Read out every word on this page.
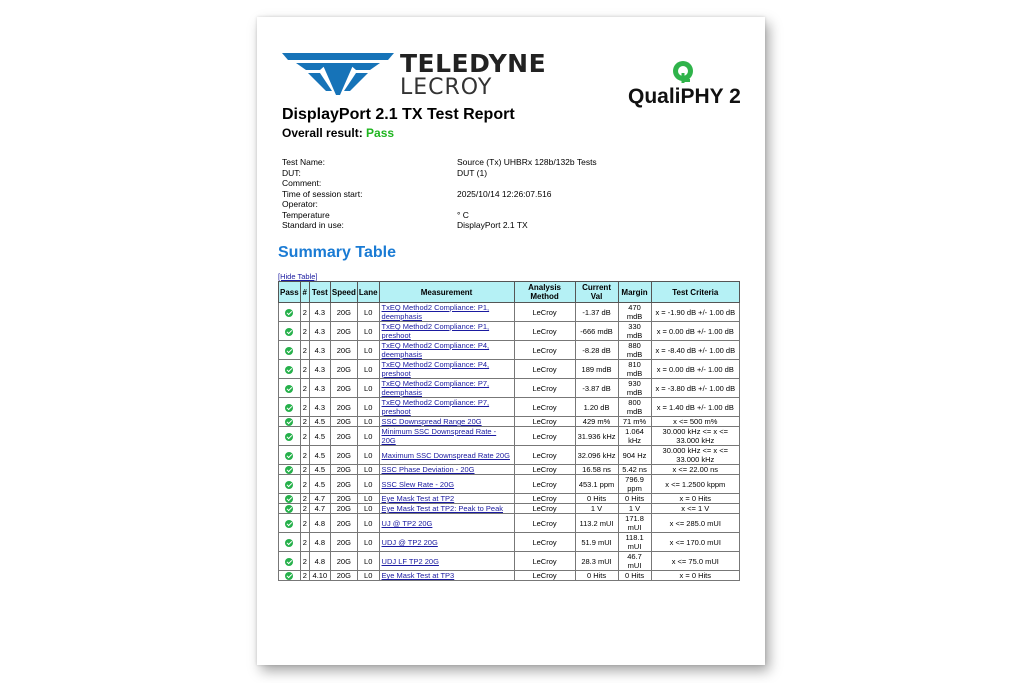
TELEDYNE
LECROY	QualiPHY 2
DisplayPort 2.1 TX Test Report
Overall result: Pass
Test Name:	Source (Tx) UHBRx 128b/132b Tests
DUT:	DUT (1)
Comment:
Time of session start:	2025/10/14 12:26:07.516
Operator:
Temperature	° C
Standard in use:	DisplayPort 2.1 TX
Summary Table
[Hide Table]
Pass	#	Test	Speed	Lane	Measurement	Analysis Method	Current Val	Margin	Test Criteria
	2	4.3	20G	L0	TxEQ Method2 Compliance: P1, deemphasis	LeCroy	-1.37 dB	470 mdB	x = -1.90 dB +/- 1.00 dB
	2	4.3	20G	L0	TxEQ Method2 Compliance: P1, preshoot	LeCroy	-666 mdB	330 mdB	x = 0.00 dB +/- 1.00 dB
	2	4.3	20G	L0	TxEQ Method2 Compliance: P4, deemphasis	LeCroy	-8.28 dB	880 mdB	x = -8.40 dB +/- 1.00 dB
	2	4.3	20G	L0	TxEQ Method2 Compliance: P4, preshoot	LeCroy	189 mdB	810 mdB	x = 0.00 dB +/- 1.00 dB
	2	4.3	20G	L0	TxEQ Method2 Compliance: P7, deemphasis	LeCroy	-3.87 dB	930 mdB	x = -3.80 dB +/- 1.00 dB
	2	4.3	20G	L0	TxEQ Method2 Compliance: P7, preshoot	LeCroy	1.20 dB	800 mdB	x = 1.40 dB +/- 1.00 dB
	2	4.5	20G	L0	SSC Downspread Range 20G	LeCroy	429 m%	71 m%	x <= 500 m%
	2	4.5	20G	L0	Minimum SSC Downspread Rate - 20G	LeCroy	31.936 kHz	1.064 kHz	30.000 kHz <= x <= 33.000 kHz
	2	4.5	20G	L0	Maximum SSC Downspread Rate 20G	LeCroy	32.096 kHz	904 Hz	30.000 kHz <= x <= 33.000 kHz
	2	4.5	20G	L0	SSC Phase Deviation - 20G	LeCroy	16.58 ns	5.42 ns	x <= 22.00 ns
	2	4.5	20G	L0	SSC Slew Rate - 20G	LeCroy	453.1 ppm	796.9 ppm	x <= 1.2500 kppm
	2	4.7	20G	L0	Eye Mask Test at TP2	LeCroy	0 Hits	0 Hits	x = 0 Hits
	2	4.7	20G	L0	Eye Mask Test at TP2: Peak to Peak	LeCroy	1 V	1 V	x <= 1 V
	2	4.8	20G	L0	UJ @ TP2 20G	LeCroy	113.2 mUI	171.8 mUI	x <= 285.0 mUI
	2	4.8	20G	L0	UDJ @ TP2 20G	LeCroy	51.9 mUI	118.1 mUI	x <= 170.0 mUI
	2	4.8	20G	L0	UDJ LF TP2 20G	LeCroy	28.3 mUI	46.7 mUI	x <= 75.0 mUI
	2	4.10	20G	L0	Eye Mask Test at TP3	LeCroy	0 Hits	0 Hits	x = 0 Hits
